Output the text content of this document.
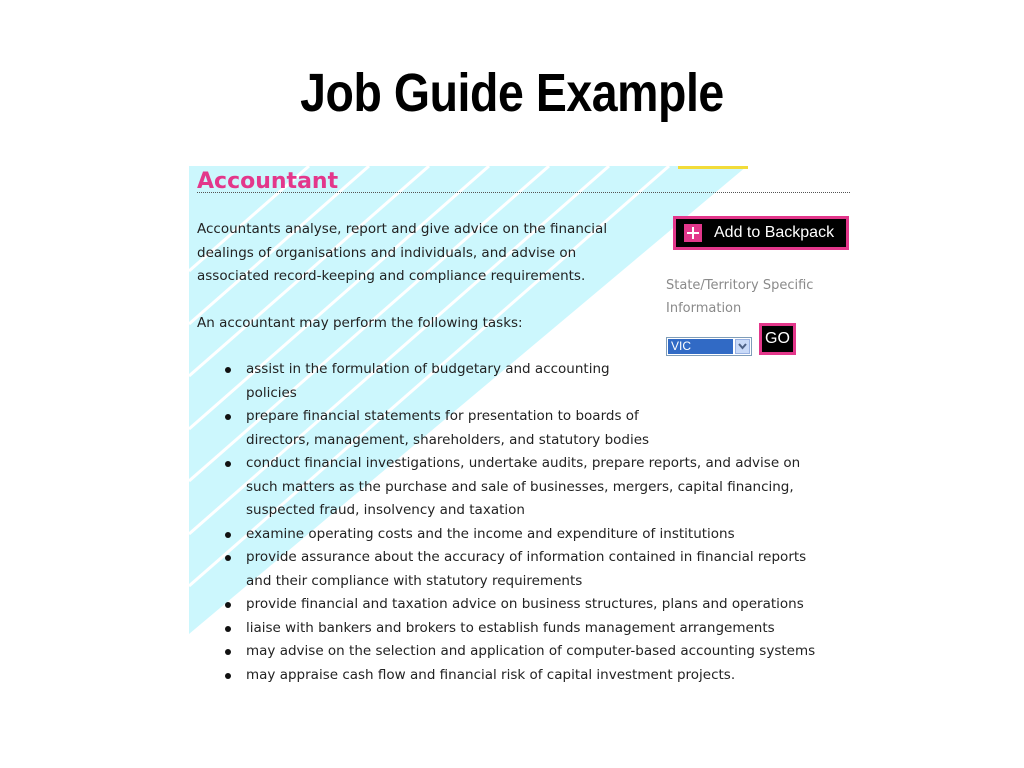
Job Guide Example
Accountant
Accountants analyse, report and give advice on the financial dealings of organisations and individuals, and advise on associated record-keeping and compliance requirements.
An accountant may perform the following tasks:
assist in the formulation of budgetary and accounting policies
prepare financial statements for presentation to boards of directors, management, shareholders, and statutory bodies
conduct financial investigations, undertake audits, prepare reports, and advise on such matters as the purchase and sale of businesses, mergers, capital financing, suspected fraud, insolvency and taxation
examine operating costs and the income and expenditure of institutions
provide assurance about the accuracy of information contained in financial reports and their compliance with statutory requirements
provide financial and taxation advice on business structures, plans and operations
liaise with bankers and brokers to establish funds management arrangements
may advise on the selection and application of computer-based accounting systems
may appraise cash flow and financial risk of capital investment projects.
Add to Backpack
State/Territory Specific Information
VIC	GO
